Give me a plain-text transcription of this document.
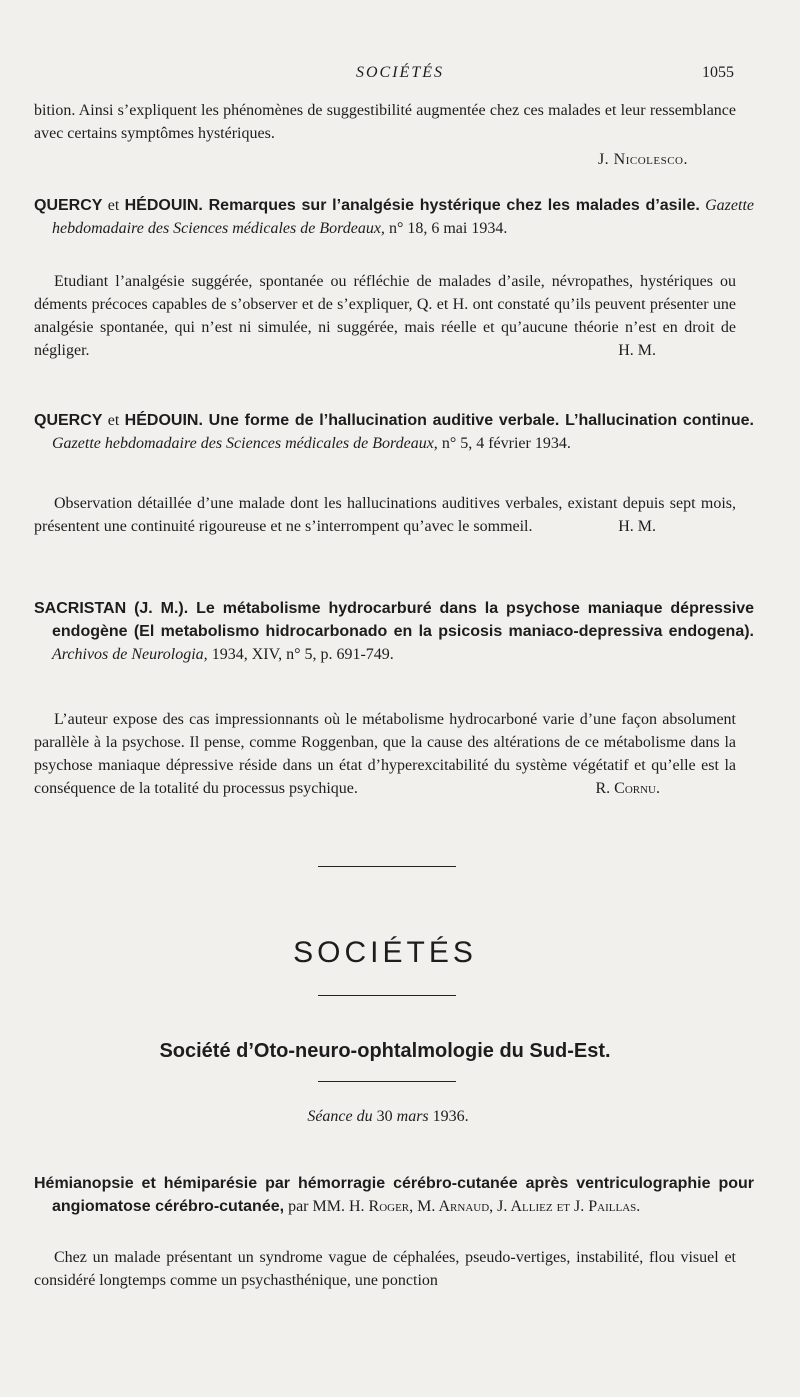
SOCIÉTÉS	1055
bition. Ainsi s’expliquent les phénomènes de suggestibilité augmentée chez ces malades et leur ressemblance avec certains symptômes hystériques.
J. Nicolesco.
QUERCY et HÉDOUIN. Remarques sur l’analgésie hystérique chez les malades d’asile. Gazette hebdomadaire des Sciences médicales de Bordeaux, n° 18, 6 mai 1934.
Etudiant l’analgésie suggérée, spontanée ou réfléchie de malades d’asile, névropathes, hystériques ou déments précoces capables de s’observer et de s’expliquer, Q. et H. ont constaté qu’ils peuvent présenter une analgésie spontanée, qui n’est ni simulée, ni suggérée, mais réelle et qu’aucune théorie n’est en droit de négliger.	H. M.
QUERCY et HÉDOUIN. Une forme de l’hallucination auditive verbale. L’hallucination continue. Gazette hebdomadaire des Sciences médicales de Bordeaux, n° 5, 4 février 1934.
Observation détaillée d’une malade dont les hallucinations auditives verbales, existant depuis sept mois, présentent une continuité rigoureuse et ne s’interrompent qu’avec le sommeil.	H. M.
SACRISTAN (J. M.). Le métabolisme hydrocarburé dans la psychose maniaque dépressive endogène (El metabolismo hidrocarbonado en la psicosis maniaco-depressiva endogena). Archivos de Neurologia, 1934, XIV, n° 5, p. 691-749.
L’auteur expose des cas impressionnants où le métabolisme hydrocarboné varie d’une façon absolument parallèle à la psychose. Il pense, comme Roggenban, que la cause des altérations de ce métabolisme dans la psychose maniaque dépressive réside dans un état d’hyperexcitabilité du système végétatif et qu’elle est la conséquence de la totalité du processus psychique.	R. Cornu.
SOCIÉTÉS
Société d’Oto-neuro-ophtalmologie du Sud-Est.
Séance du 30 mars 1936.
Hémianopsie et hémiparésie par hémorragie cérébro-cutanée après ventriculographie pour angiomatose cérébro-cutanée, par MM. H. Roger, M. Arnaud, J. Alliez et J. Paillas.
Chez un malade présentant un syndrome vague de céphalées, pseudo-vertiges, instabilité, flou visuel et considéré longtemps comme un psychasthénique, une ponction
